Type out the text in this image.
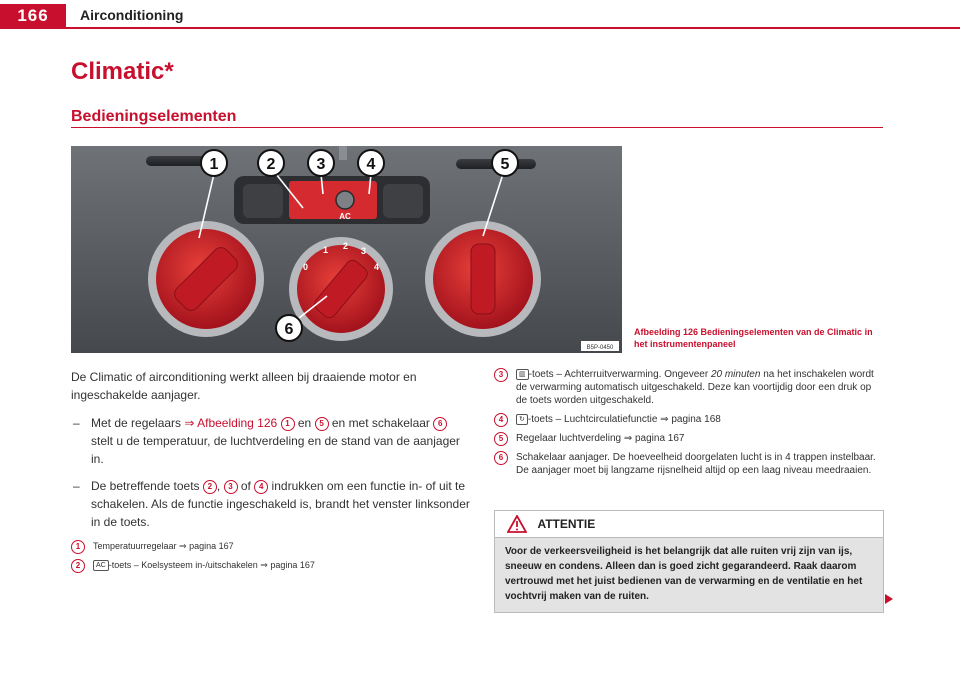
166	Airconditioning
Climatic*
Bedieningselementen
AC
0
1 2 3
4
1	2	3	4	5
6
B5P-0450
Afbeelding 126 Bedieningselementen van de Climatic in het instrumentenpaneel

De Climatic of airconditioning werkt alleen bij draaiende motor en ingeschakelde aanjager.

– Met de regelaars ⇒ Afbeelding 126 1 en 5 en met schakelaar 6 stelt u de temperatuur, de luchtverdeling en de stand van de aanjager in.
– De betreffende toets 2 , 3 of 4 indrukken om een functie in- of uit te schakelen. Als de functie ingeschakeld is, brandt het venster linksonder in de toets.
1	Temperatuurregelaar ⇒ pagina 167
2	AC -toets – Koelsysteem in-/uitschakelen ⇒ pagina 167
3	▥ -toets – Achterruitverwarming. Ongeveer 20 minuten na het inschakelen wordt de verwarming automatisch uitgeschakeld. Deze kan voortijdig door een druk op de toets worden uitgeschakeld.
4	↻ -toets – Luchtcirculatiefunctie ⇒ pagina 168
5	Regelaar luchtverdeling ⇒ pagina 167
6	Schakelaar aanjager. De hoeveelheid doorgelaten lucht is in 4 trappen instelbaar. De aanjager moet bij langzame rijsnelheid altijd op een laag niveau meedraaien.
ATTENTIE
Voor de verkeersveiligheid is het belangrijk dat alle ruiten vrij zijn van ijs, sneeuw en condens. Alleen dan is goed zicht gegarandeerd. Raak daarom vertrouwd met het juist bedienen van de verwarming en de ventilatie en het vochtvrij maken van de ruiten.
